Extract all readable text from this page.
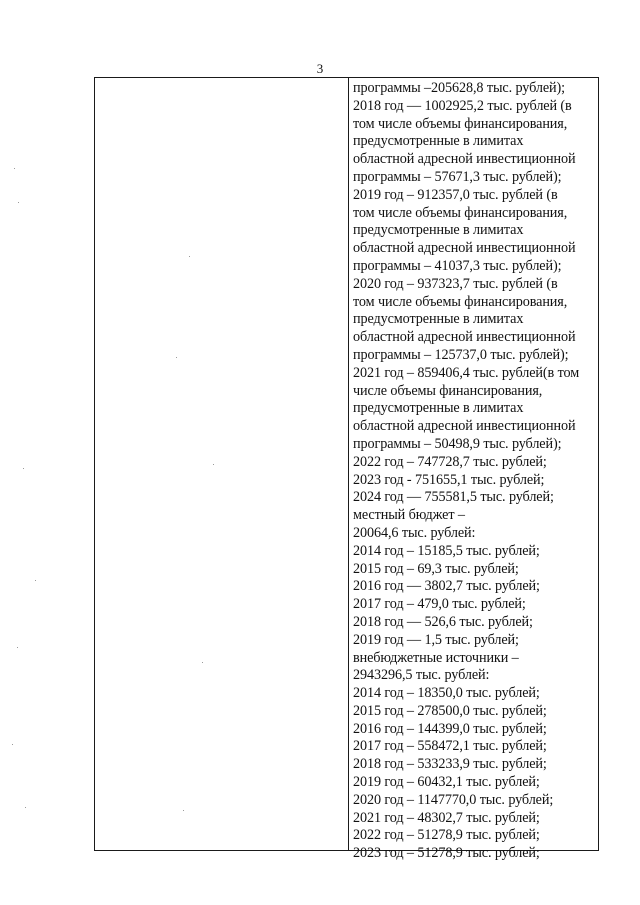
3
программы –205628,8 тыс. рублей);
2018 год — 1002925,2 тыс. рублей (в
том числе объемы финансирования,
предусмотренные в лимитах
областной адресной инвестиционной
программы – 57671,3 тыс. рублей);
2019 год – 912357,0 тыс. рублей (в
том числе объемы финансирования,
предусмотренные в лимитах
областной адресной инвестиционной
программы – 41037,3 тыс. рублей);
2020 год – 937323,7 тыс. рублей (в
том числе объемы финансирования,
предусмотренные в лимитах
областной адресной инвестиционной
программы – 125737,0 тыс. рублей);
2021 год – 859406,4 тыс. рублей(в том
числе объемы финансирования,
предусмотренные в лимитах
областной адресной инвестиционной
программы – 50498,9 тыс. рублей);
2022 год – 747728,7 тыс. рублей;
2023 год - 751655,1 тыс. рублей;
2024 год — 755581,5 тыс. рублей;
местный бюджет –
20064,6 тыс. рублей:
2014 год – 15185,5 тыс. рублей;
2015 год – 69,3 тыс. рублей;
2016 год — 3802,7 тыс. рублей;
2017 год – 479,0 тыс. рублей;
2018 год — 526,6 тыс. рублей;
2019 год — 1,5 тыс. рублей;
внебюджетные источники –
2943296,5 тыс. рублей:
2014 год – 18350,0 тыс. рублей;
2015 год – 278500,0 тыс. рублей;
2016 год – 144399,0 тыс. рублей;
2017 год – 558472,1 тыс. рублей;
2018 год – 533233,9 тыс. рублей;
2019 год – 60432,1 тыс. рублей;
2020 год – 1147770,0 тыс. рублей;
2021 год – 48302,7 тыс. рублей;
2022 год – 51278,9 тыс. рублей;
2023 год – 51278,9 тыс. рублей;
